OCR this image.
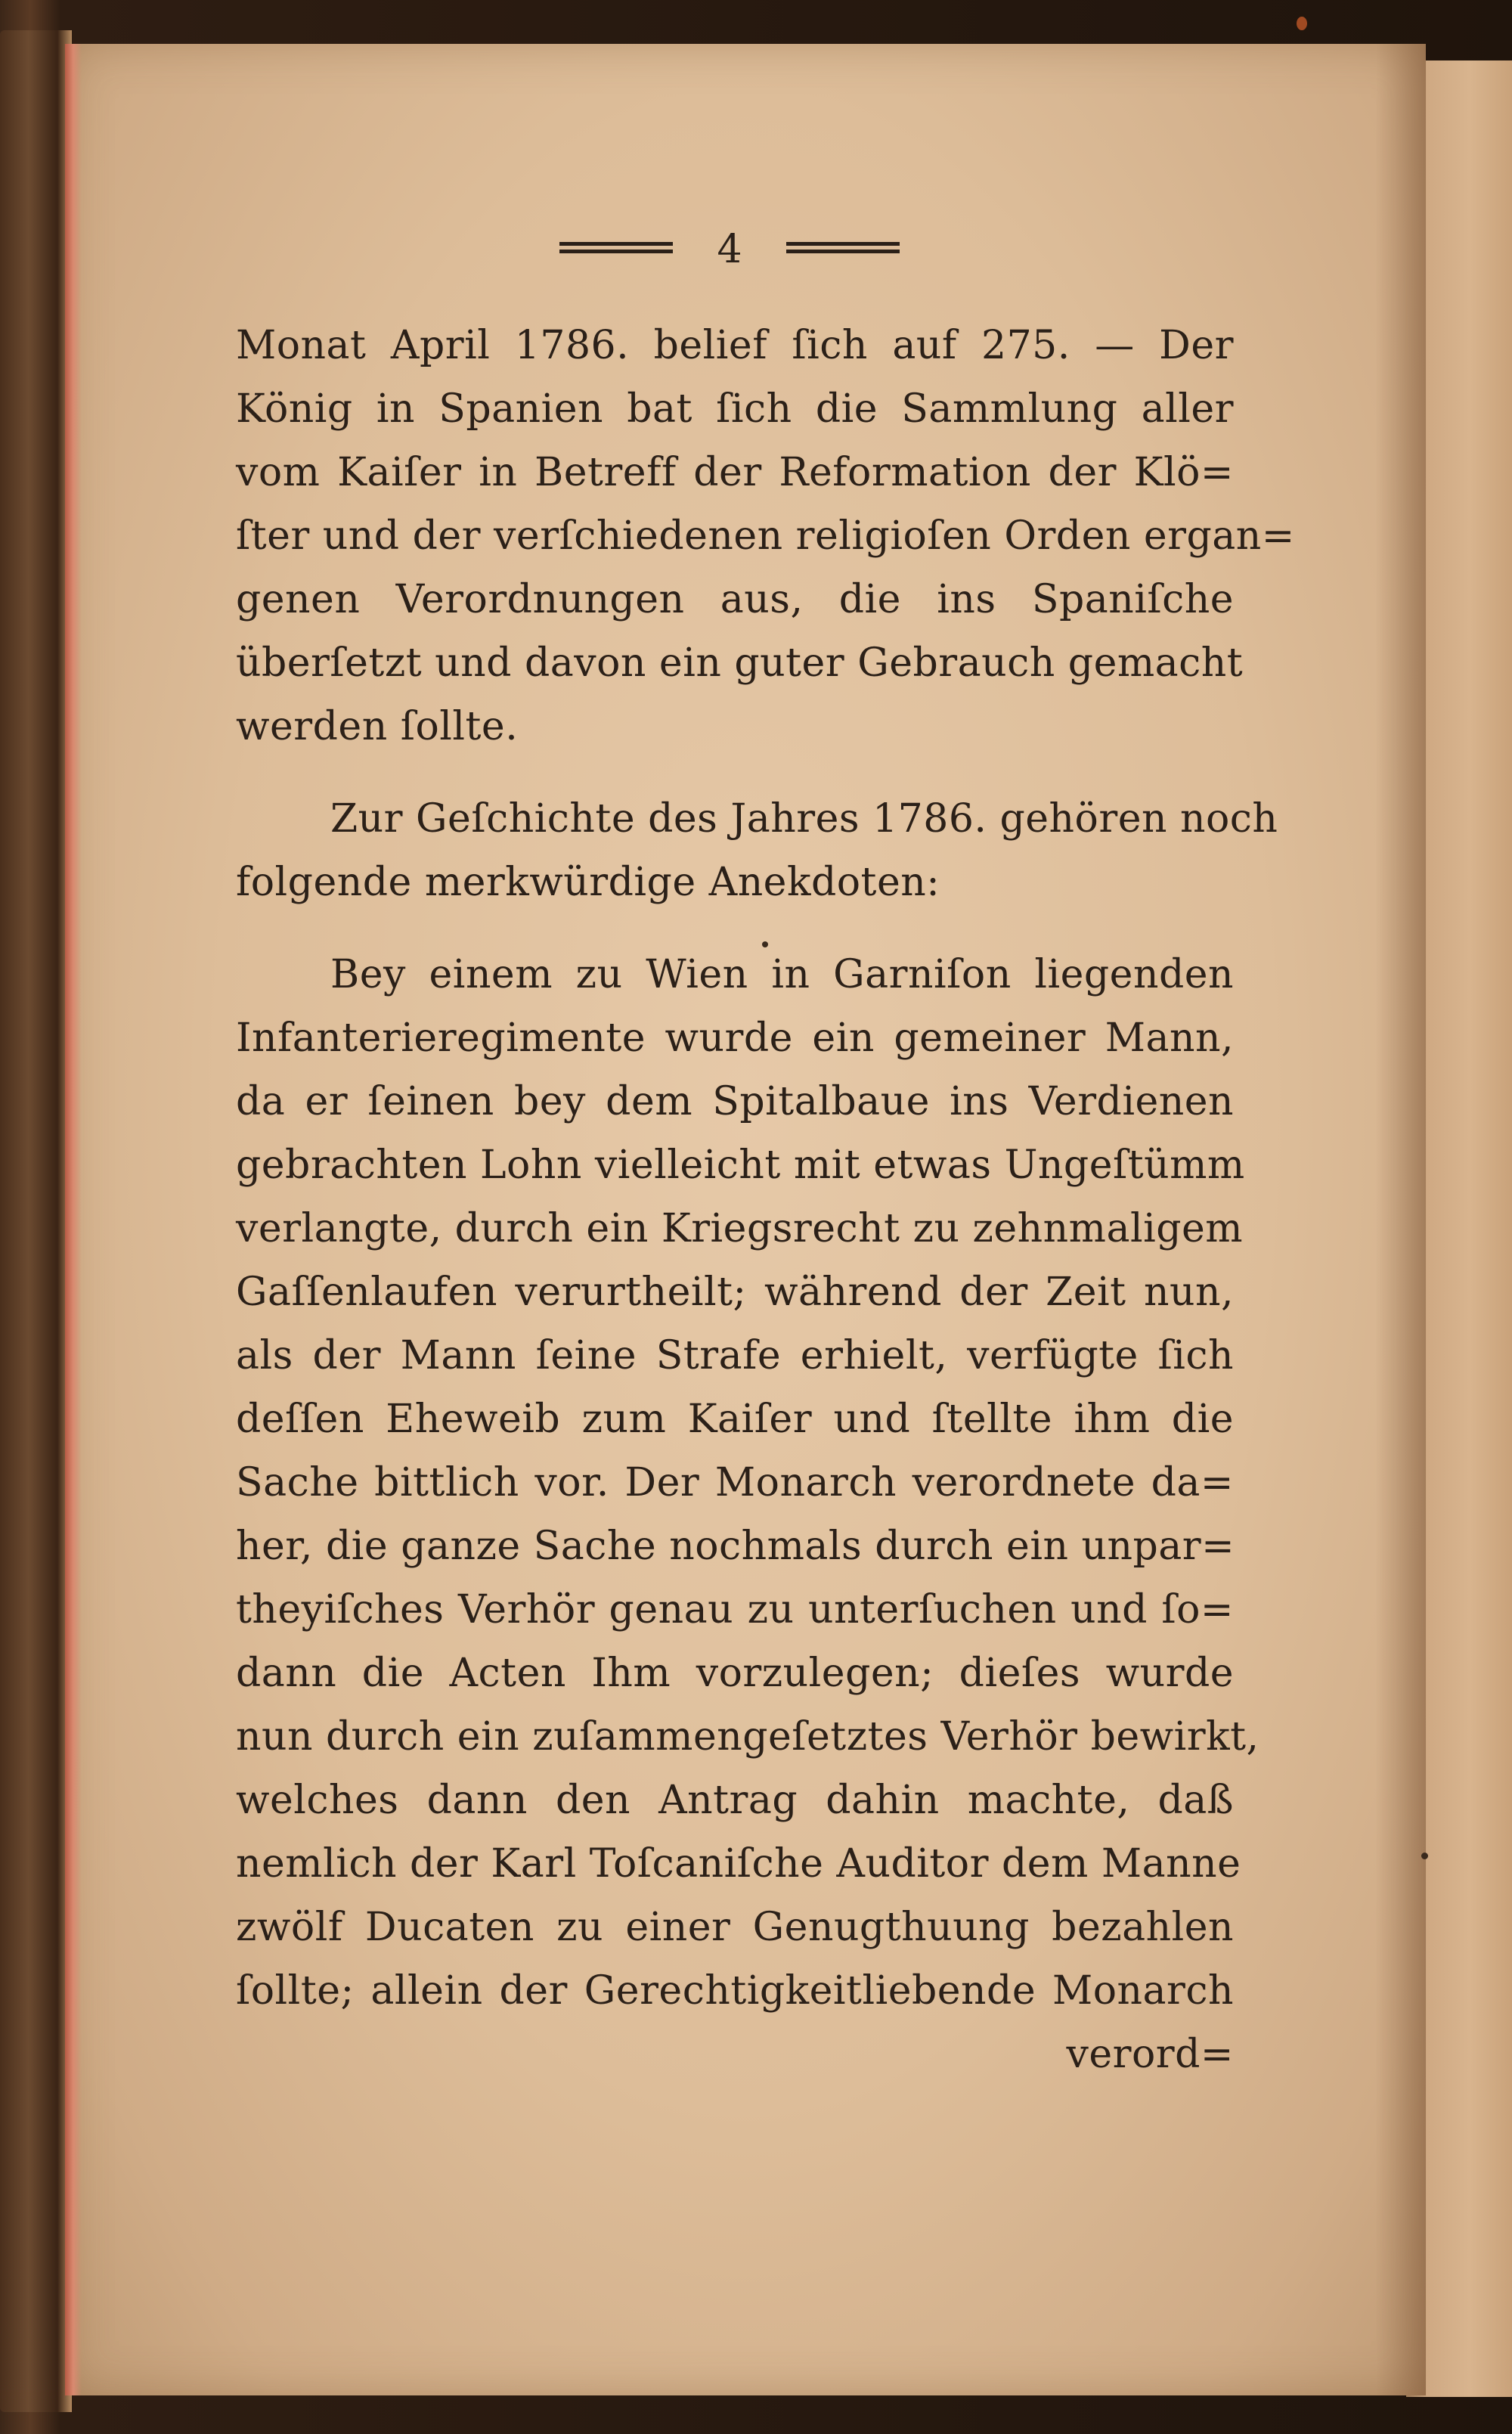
4
Monat April 1786. belief ſich auf 275. — Der
König in Spanien bat ſich die Sammlung aller
vom Kaiſer in Betreff der Reformation der Klö=
ſter und der verſchiedenen religioſen Orden ergan=
genen Verordnungen aus, die ins Spaniſche
überſetzt und davon ein guter Gebrauch gemacht
werden ſollte.
Zur Geſchichte des Jahres 1786. gehören noch
folgende merkwürdige Anekdoten:
Bey einem zu Wien in Garniſon liegenden
Infanterieregimente wurde ein gemeiner Mann,
da er ſeinen bey dem Spitalbaue ins Verdienen
gebrachten Lohn vielleicht mit etwas Ungeſtümm
verlangte, durch ein Kriegsrecht zu zehnmaligem
Gaſſenlaufen verurtheilt; während der Zeit nun,
als der Mann ſeine Strafe erhielt, verfügte ſich
deſſen Eheweib zum Kaiſer und ſtellte ihm die
Sache bittlich vor. Der Monarch verordnete da=
her, die ganze Sache nochmals durch ein unpar=
theyiſches Verhör genau zu unterſuchen und ſo=
dann die Acten Ihm vorzulegen; dieſes wurde
nun durch ein zuſammengeſetztes Verhör bewirkt,
welches dann den Antrag dahin machte, daß
nemlich der Karl Toſcaniſche Auditor dem Manne
zwölf Ducaten zu einer Genugthuung bezahlen
ſollte; allein der Gerechtigkeitliebende Monarch
verord=
